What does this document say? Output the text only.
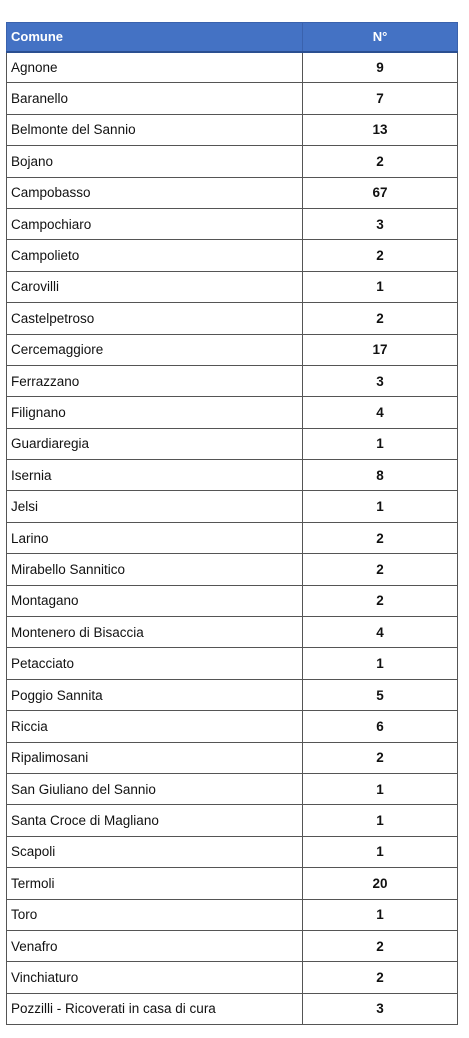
Comune	N°
Agnone	9
Baranello	7
Belmonte del Sannio	13
Bojano	2
Campobasso	67
Campochiaro	3
Campolieto	2
Carovilli	1
Castelpetroso	2
Cercemaggiore	17
Ferrazzano	3
Filignano	4
Guardiaregia	1
Isernia	8
Jelsi	1
Larino	2
Mirabello Sannitico	2
Montagano	2
Montenero di Bisaccia	4
Petacciato	1
Poggio Sannita	5
Riccia	6
Ripalimosani	2
San Giuliano del Sannio	1
Santa Croce di Magliano	1
Scapoli	1
Termoli	20
Toro	1
Venafro	2
Vinchiaturo	2
Pozzilli - Ricoverati in casa di cura	3
